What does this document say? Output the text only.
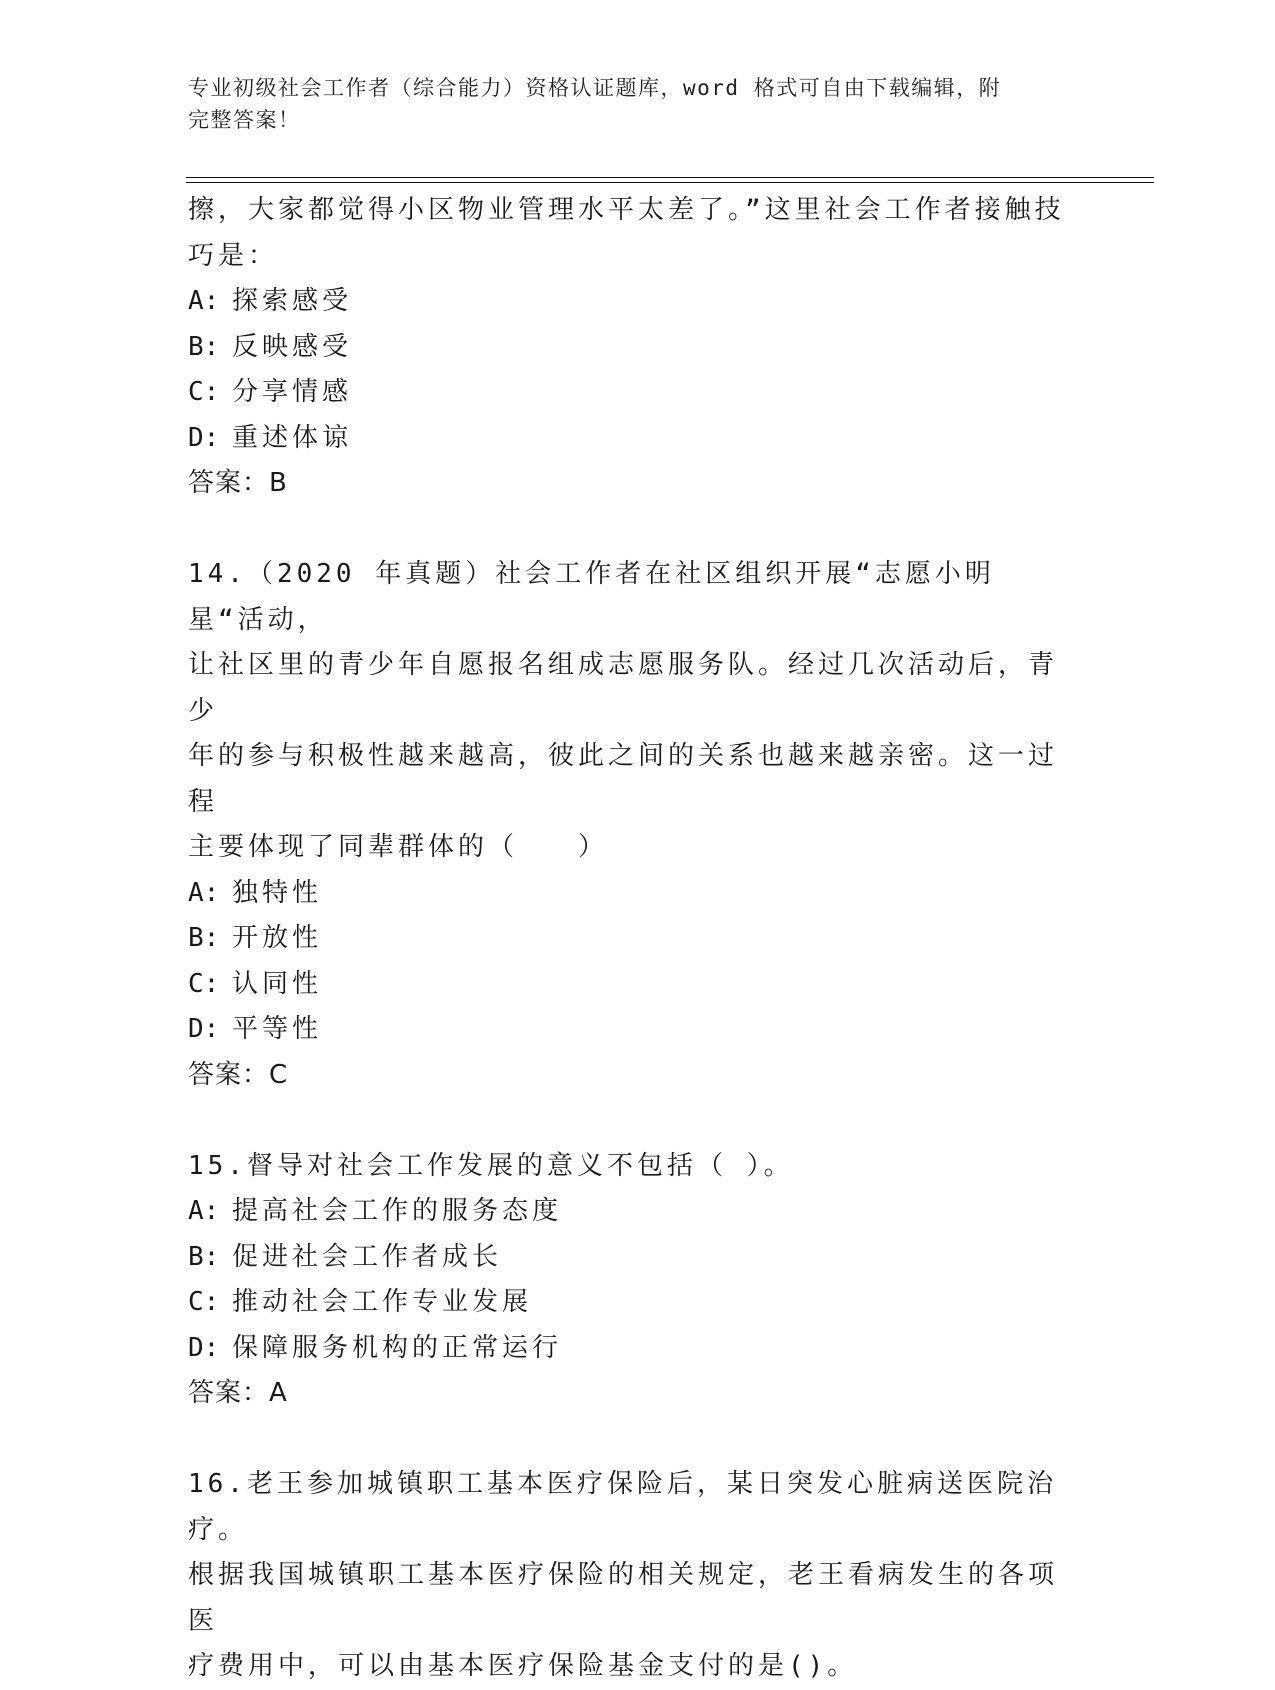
专业初级社会工作者（综合能力）资格认证题库，word 格式可自由下载编辑，附
完整答案！

擦，大家都觉得小区物业管理水平太差了。”这里社会工作者接触技

巧是：

A: 探索感受

B: 反映感受

C: 分享情感

D: 重述体谅

答案：B

14.（2020 年真题）社会工作者在社区组织开展“志愿小明星“活动，

让社区里的青少年自愿报名组成志愿服务队。经过几次活动后，青少

年的参与积极性越来越高，彼此之间的关系也越来越亲密。这一过程

主要体现了同辈群体的（　　）

A: 独特性

B: 开放性

C: 认同性

D: 平等性

答案：C

15.督导对社会工作发展的意义不包括（ ）。

A: 提高社会工作的服务态度

B: 促进社会工作者成长

C: 推动社会工作专业发展

D: 保障服务机构的正常运行

答案：A

16.老王参加城镇职工基本医疗保险后，某日突发心脏病送医院治疗。

根据我国城镇职工基本医疗保险的相关规定，老王看病发生的各项医

疗费用中，可以由基本医疗保险基金支付的是()。
